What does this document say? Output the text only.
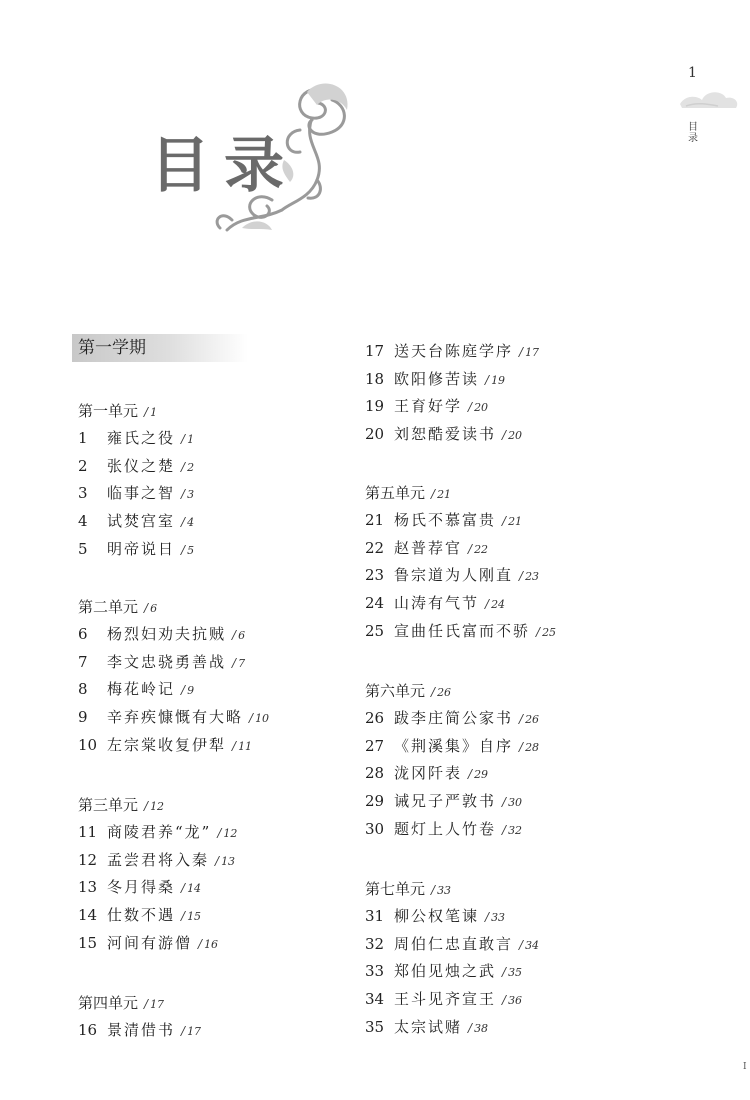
目录
1
目录
I
第一学期
第一单元 / 1
1 雍氏之役 / 1
2 张仪之楚 / 2
3 临事之智 / 3
4 试焚宫室 / 4
5 明帝说日 / 5
第二单元 / 6
6 杨烈妇劝夫抗贼 / 6
7 李文忠骁勇善战 / 7
8 梅花岭记 / 9
9 辛弃疾慷慨有大略 / 10
10 左宗棠收复伊犁 / 11
第三单元 / 12
11 商陵君养“龙” / 12
12 孟尝君将入秦 / 13
13 冬月得桑 / 14
14 仕数不遇 / 15
15 河间有游僧 / 16
第四单元 / 17
16 景清借书 / 17
17 送天台陈庭学序 / 17
18 欧阳修苦读 / 19
19 王育好学 / 20
20 刘恕酷爱读书 / 20
第五单元 / 21
21 杨氏不慕富贵 / 21
22 赵普荐官 / 22
23 鲁宗道为人刚直 / 23
24 山涛有气节 / 24
25 宣曲任氏富而不骄 / 25
第六单元 / 26
26 跋李庄简公家书 / 26
27 《荆溪集》自序 / 28
28 泷冈阡表 / 29
29 诫兄子严敦书 / 30
30 题灯上人竹卷 / 32
第七单元 / 33
31 柳公权笔谏 / 33
32 周伯仁忠直敢言 / 34
33 郑伯见烛之武 / 35
34 王斗见齐宣王 / 36
35 太宗试赌 / 38
